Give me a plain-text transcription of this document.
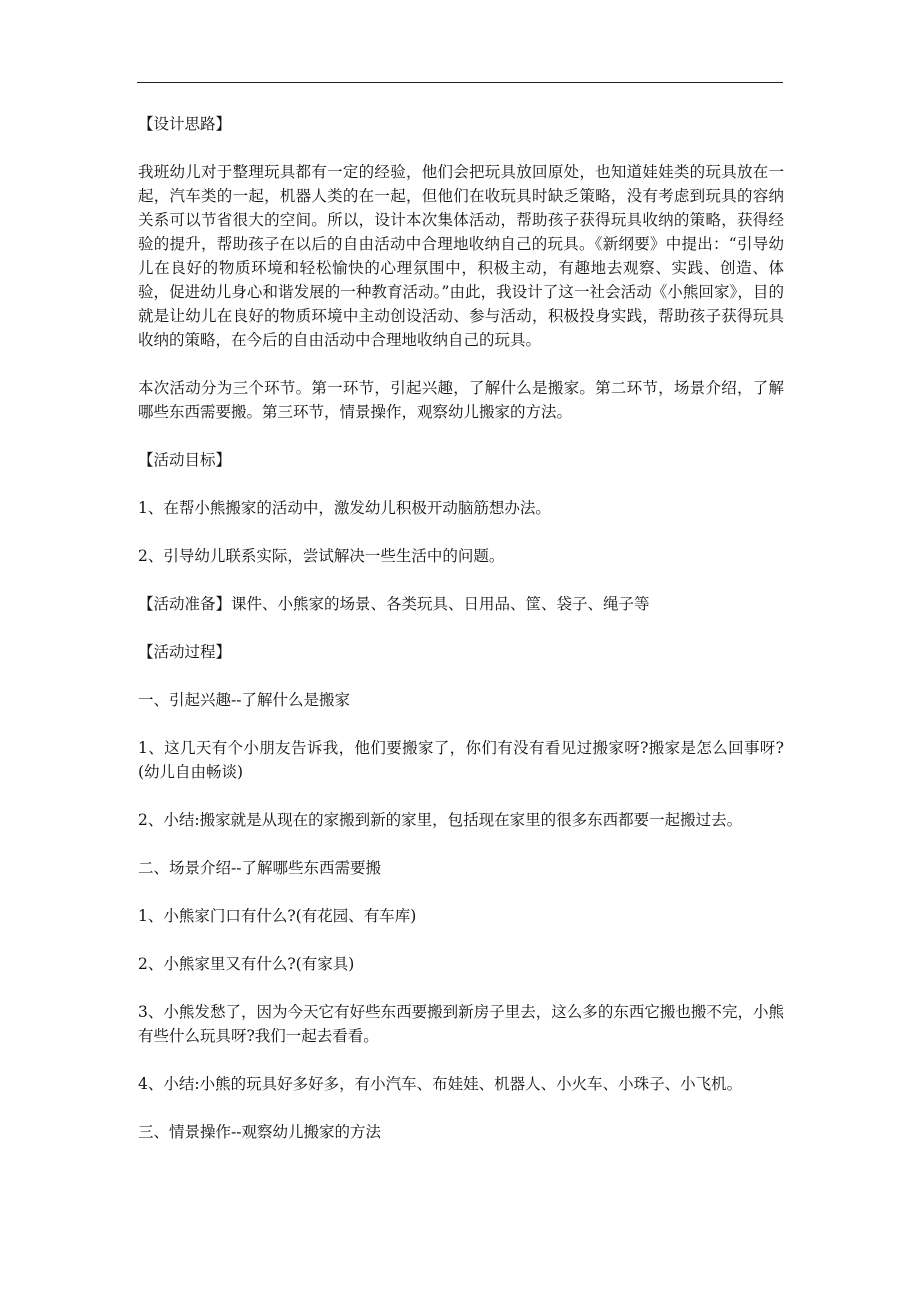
【设计思路】

我班幼儿对于整理玩具都有一定的经验，他们会把玩具放回原处，也知道娃娃类的玩具放在一起，汽车类的一起，机器人类的在一起，但他们在收玩具时缺乏策略，没有考虑到玩具的容纳关系可以节省很大的空间。所以，设计本次集体活动，帮助孩子获得玩具收纳的策略，获得经验的提升，帮助孩子在以后的自由活动中合理地收纳自己的玩具。《新纲要》中提出：“引导幼儿在良好的物质环境和轻松愉快的心理氛围中，积极主动，有趣地去观察、实践、创造、体验，促进幼儿身心和谐发展的一种教育活动。”由此，我设计了这一社会活动《小熊回家》，目的就是让幼儿在良好的物质环境中主动创设活动、参与活动，积极投身实践，帮助孩子获得玩具收纳的策略，在今后的自由活动中合理地收纳自己的玩具。

本次活动分为三个环节。第一环节，引起兴趣，了解什么是搬家。第二环节，场景介绍，了解哪些东西需要搬。第三环节，情景操作，观察幼儿搬家的方法。

【活动目标】

1、在帮小熊搬家的活动中，激发幼儿积极开动脑筋想办法。

2、引导幼儿联系实际，尝试解决一些生活中的问题。

【活动准备】课件、小熊家的场景、各类玩具、日用品、筐、袋子、绳子等

【活动过程】

一、引起兴趣--了解什么是搬家

1、这几天有个小朋友告诉我，他们要搬家了，你们有没有看见过搬家呀?搬家是怎么回事呀?(幼儿自由畅谈)

2、小结:搬家就是从现在的家搬到新的家里，包括现在家里的很多东西都要一起搬过去。

二、场景介绍--了解哪些东西需要搬

1、小熊家门口有什么?(有花园、有车库)

2、小熊家里又有什么?(有家具)

3、小熊发愁了，因为今天它有好些东西要搬到新房子里去，这么多的东西它搬也搬不完，小熊有些什么玩具呀?我们一起去看看。

4、小结:小熊的玩具好多好多，有小汽车、布娃娃、机器人、小火车、小珠子、小飞机。

三、情景操作--观察幼儿搬家的方法
